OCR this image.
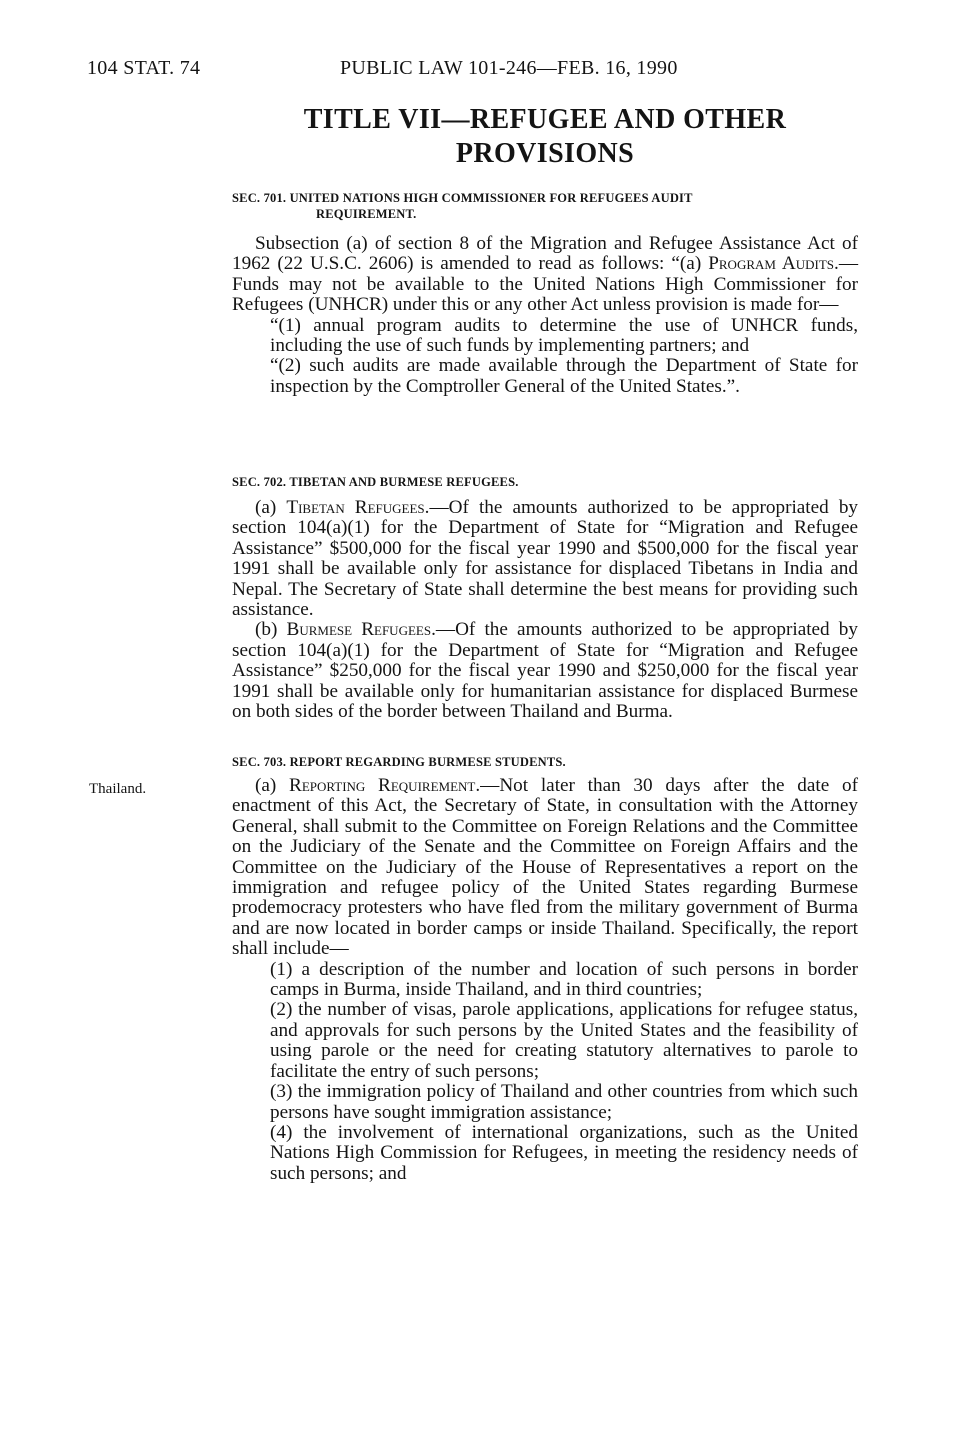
104 STAT. 74	PUBLIC LAW 101-246—FEB. 16, 1990
TITLE VII—REFUGEE AND OTHER
PROVISIONS
SEC. 701. UNITED NATIONS HIGH COMMISSIONER FOR REFUGEES AUDIT
REQUIREMENT.

Subsection (a) of section 8 of the Migration and Refugee Assistance Act of 1962 (22 U.S.C. 2606) is amended to read as follows: “(a) Program Audits.—Funds may not be available to the United Nations High Commissioner for Refugees (UNHCR) under this or any other Act unless provision is made for—

“(1) annual program audits to determine the use of UNHCR funds, including the use of such funds by implementing partners; and

“(2) such audits are made available through the Department of State for inspection by the Comptroller General of the United States.”.

SEC. 702. TIBETAN AND BURMESE REFUGEES.

(a) Tibetan Refugees.—Of the amounts authorized to be appropriated by section 104(a)(1) for the Department of State for “Migration and Refugee Assistance” $500,000 for the fiscal year 1990 and $500,000 for the fiscal year 1991 shall be available only for assistance for displaced Tibetans in India and Nepal. The Secretary of State shall determine the best means for providing such assistance.

(b) Burmese Refugees.—Of the amounts authorized to be appropriated by section 104(a)(1) for the Department of State for “Migration and Refugee Assistance” $250,000 for the fiscal year 1990 and $250,000 for the fiscal year 1991 shall be available only for humanitarian assistance for displaced Burmese on both sides of the border between Thailand and Burma.

SEC. 703. REPORT REGARDING BURMESE STUDENTS.
Thailand.	(a) Reporting Requirement.—Not later than 30 days after the date of enactment of this Act, the Secretary of State, in consultation with the Attorney General, shall submit to the Committee on Foreign Relations and the Committee on the Judiciary of the Senate and the Committee on Foreign Affairs and the Committee on the Judiciary of the House of Representatives a report on the immigration and refugee policy of the United States regarding Burmese prodemocracy protesters who have fled from the military government of Burma and are now located in border camps or inside Thailand. Specifically, the report shall include—

(1) a description of the number and location of such persons in border camps in Burma, inside Thailand, and in third countries;

(2) the number of visas, parole applications, applications for refugee status, and approvals for such persons by the United States and the feasibility of using parole or the need for creating statutory alternatives to parole to facilitate the entry of such persons;

(3) the immigration policy of Thailand and other countries from which such persons have sought immigration assistance;

(4) the involvement of international organizations, such as the United Nations High Commission for Refugees, in meeting the residency needs of such persons; and
